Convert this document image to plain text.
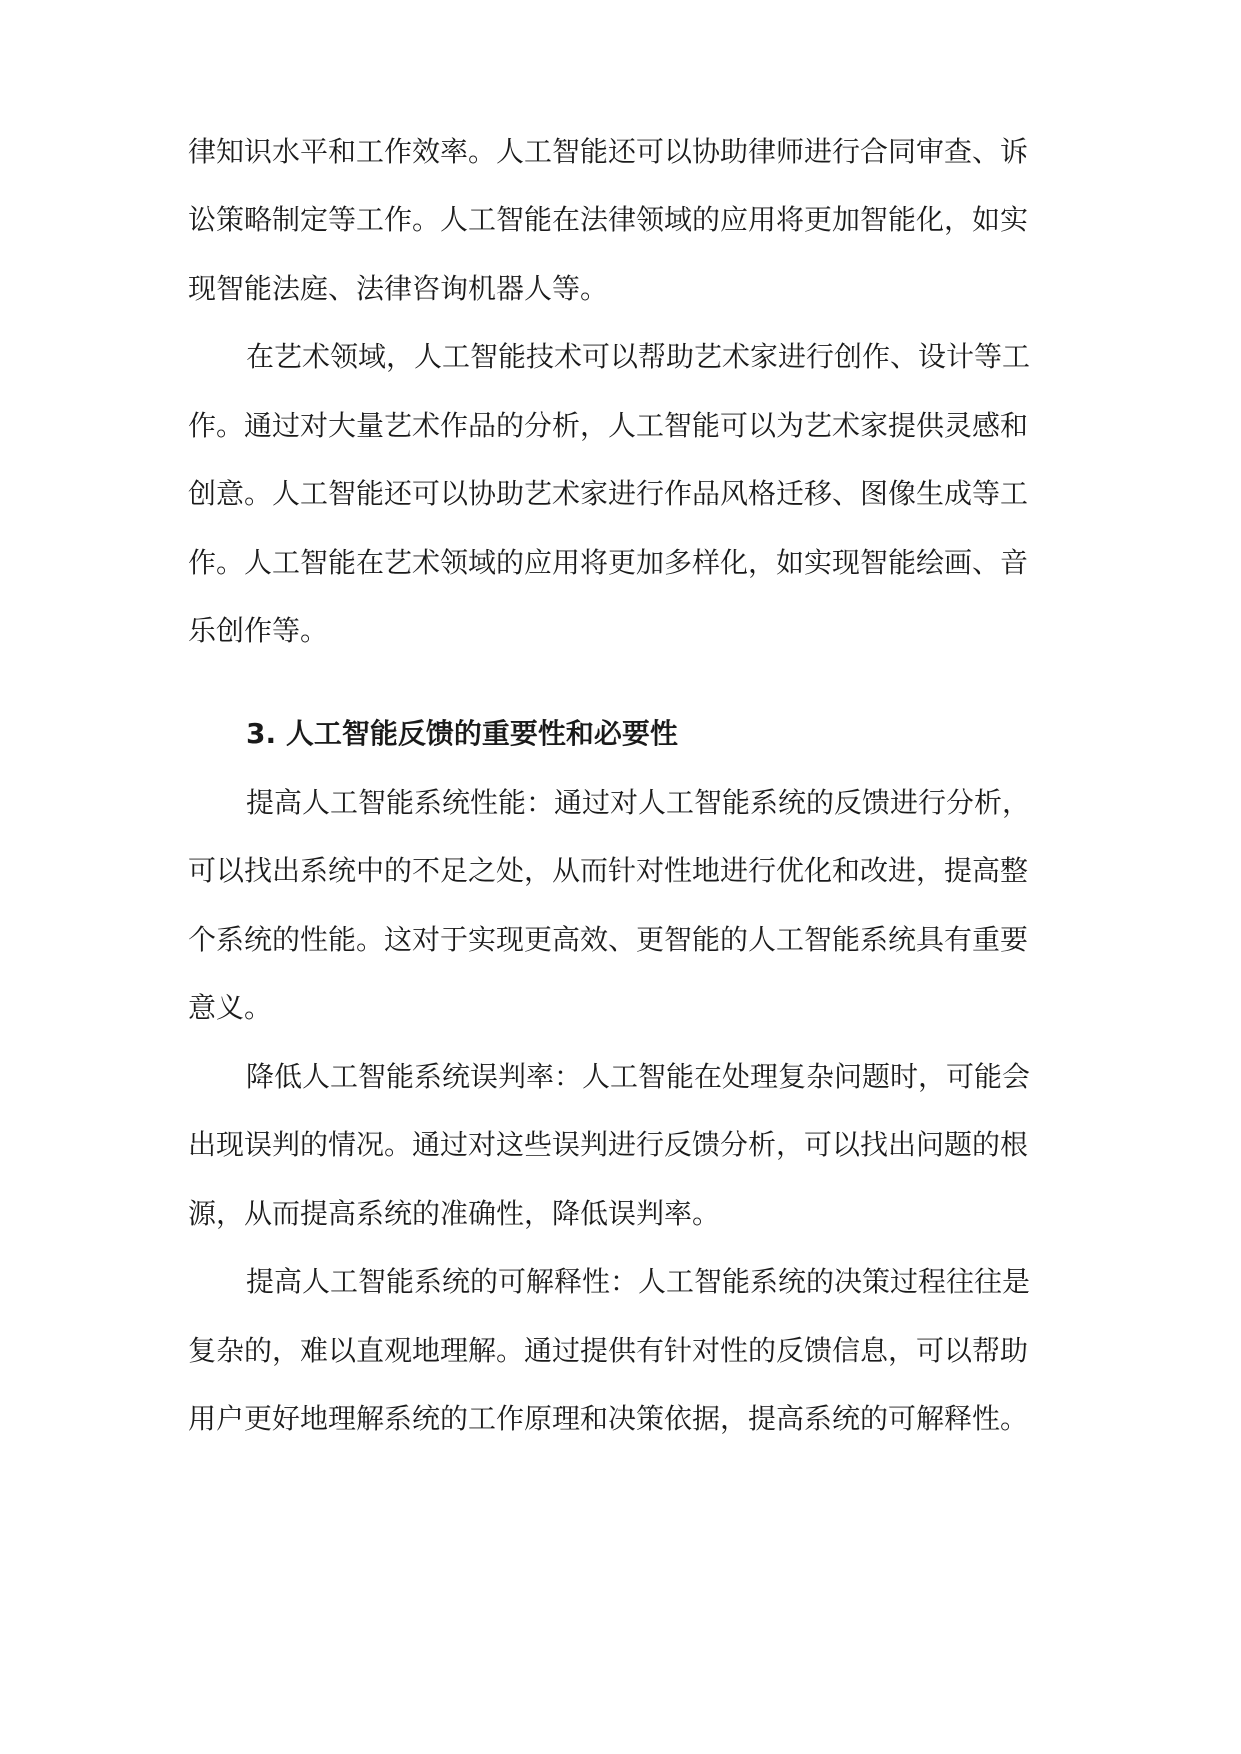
律知识水平和工作效率。人工智能还可以协助律师进行合同审查、诉
讼策略制定等工作。人工智能在法律领域的应用将更加智能化，如实
现智能法庭、法律咨询机器人等。
在艺术领域，人工智能技术可以帮助艺术家进行创作、设计等工
作。通过对大量艺术作品的分析，人工智能可以为艺术家提供灵感和
创意。人工智能还可以协助艺术家进行作品风格迁移、图像生成等工
作。人工智能在艺术领域的应用将更加多样化，如实现智能绘画、音
乐创作等。
3. 人工智能反馈的重要性和必要性
提高人工智能系统性能：通过对人工智能系统的反馈进行分析，
可以找出系统中的不足之处，从而针对性地进行优化和改进，提高整
个系统的性能。这对于实现更高效、更智能的人工智能系统具有重要
意义。
降低人工智能系统误判率：人工智能在处理复杂问题时，可能会
出现误判的情况。通过对这些误判进行反馈分析，可以找出问题的根
源，从而提高系统的准确性，降低误判率。
提高人工智能系统的可解释性：人工智能系统的决策过程往往是
复杂的，难以直观地理解。通过提供有针对性的反馈信息，可以帮助
用户更好地理解系统的工作原理和决策依据，提高系统的可解释性。
